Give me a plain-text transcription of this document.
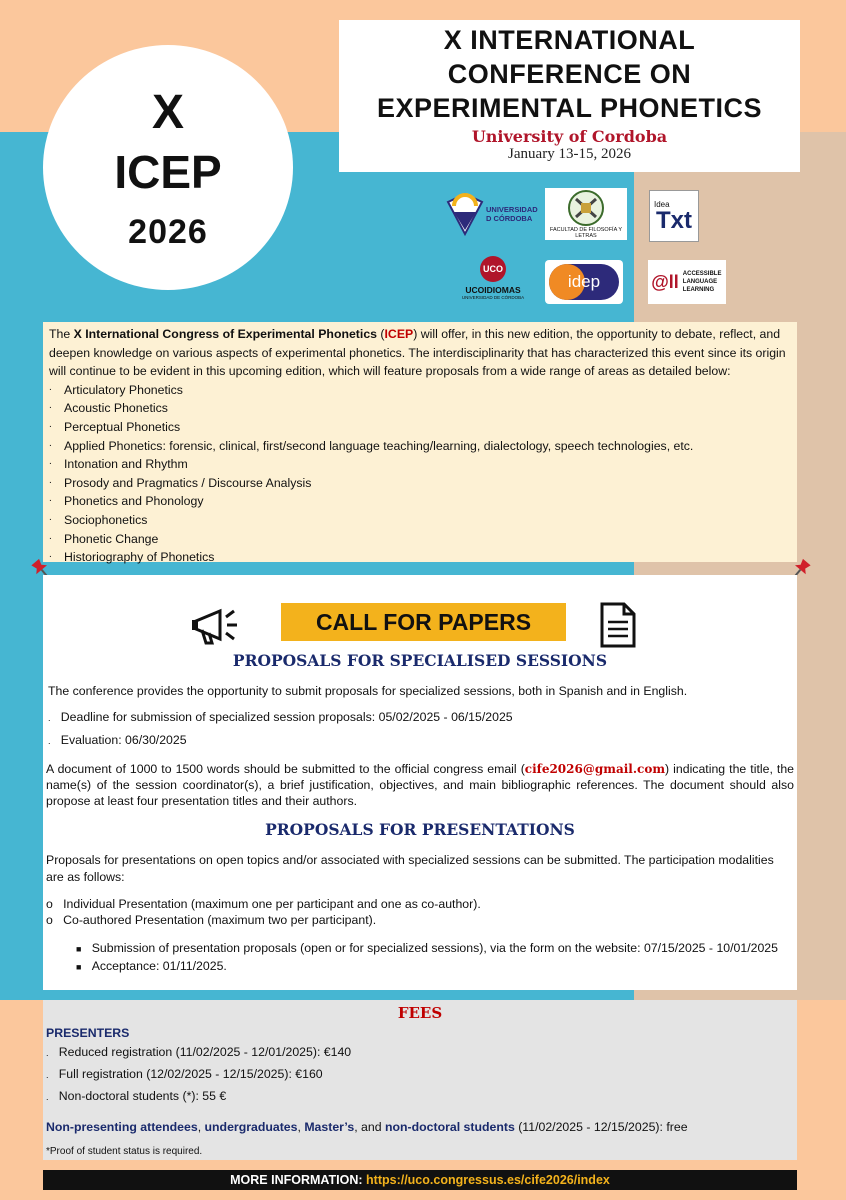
X
ICEP
2026
X INTERNATIONAL
CONFERENCE ON
EXPERIMENTAL PHONETICS
University of Cordoba
January 13-15, 2026
UNIVERSIDAD D CÓRDOBA
FACULTAD DE FILOSOFÍA Y LETRAS
Idea
Txt
UCO
UCOIDIOMAS
UNIVERSIDAD DE CÓRDOBA
idep	@ll ACCESSIBLE LANGUAGE LEARNING

The X International Congress of Experimental Phonetics (ICEP) will offer, in this new edition, the opportunity to debate, reflect, and deepen knowledge on various aspects of experimental phonetics. The interdisciplinarity that has characterized this event since its origin will continue to be evident in this upcoming edition, which will feature proposals from a wide range of areas as detailed below:

. Articulatory Phonetics
. Acoustic Phonetics
. Perceptual Phonetics
. Applied Phonetics: forensic, clinical, first/second language teaching/learning, dialectology, speech technologies, etc.
. Intonation and Rhythm
. Prosody and Pragmatics / Discourse Analysis
. Phonetics and Phonology
. Sociophonetics
. Phonetic Change
. Historiography of Phonetics
CALL FOR PAPERS
PROPOSALS FOR SPECIALISED SESSIONS
The conference provides the opportunity to submit proposals for specialized sessions, both in Spanish and in English.
. Deadline for submission of specialized session proposals: 05/02/2025 - 06/15/2025
. Evaluation: 06/30/2025
A document of 1000 to 1500 words should be submitted to the official congress email (cife2026@gmail.com) indicating the title, the name(s) of the session coordinator(s), a brief justification, objectives, and main bibliographic references. The document should also propose at least four presentation titles and their authors.
PROPOSALS FOR PRESENTATIONS
Proposals for presentations on open topics and/or associated with specialized sessions can be submitted. The participation modalities are as follows:
o   Individual Presentation (maximum one per participant and one as co-author).
o   Co-authored Presentation (maximum two per participant).
■ Submission of presentation proposals (open or for specialized sessions), via the form on the website: 07/15/2025 - 10/01/2025
■ Acceptance: 01/11/2025.
FEES
PRESENTERS
. Reduced registration (11/02/2025 - 12/01/2025): €140
. Full registration (12/02/2025 - 12/15/2025): €160
. Non-doctoral students (*): 55 €
Non-presenting attendees, undergraduates, Master’s, and non-doctoral students (11/02/2025 - 12/15/2025): free
*Proof of student status is required.
MORE INFORMATION: https://uco.congressus.es/cife2026/index
